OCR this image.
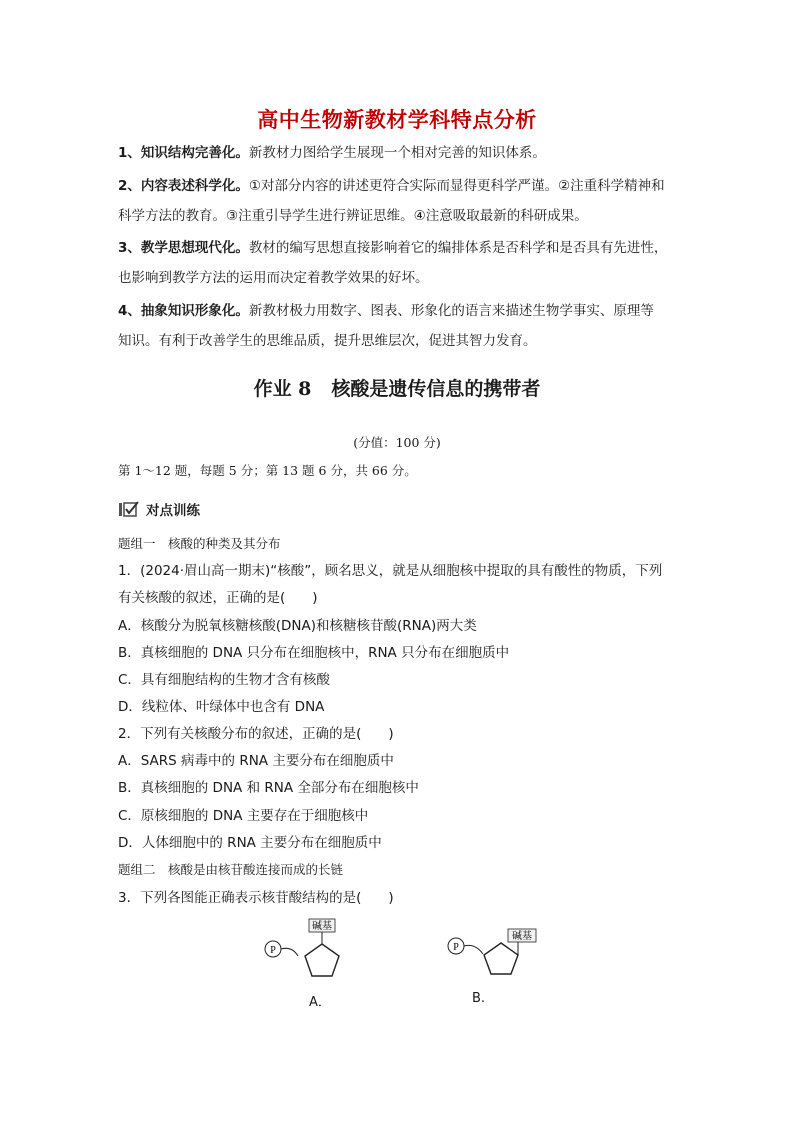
高中生物新教材学科特点分析
1、知识结构完善化。新教材力图给学生展现一个相对完善的知识体系。
2、内容表述科学化。①对部分内容的讲述更符合实际而显得更科学严谨。②注重科学精神和
科学方法的教育。③注重引导学生进行辨证思维。④注意吸取最新的科研成果。
3、教学思想现代化。教材的编写思想直接影响着它的编排体系是否科学和是否具有先进性，
也影响到教学方法的运用而决定着教学效果的好坏。
4、抽象知识形象化。新教材极力用数字、图表、形象化的语言来描述生物学事实、原理等
知识。有利于改善学生的思维品质，提升思维层次，促进其智力发育。
作业 8 核酸是遗传信息的携带者
(分值：100 分)
第 1～12 题，每题 5 分；第 13 题 6 分，共 66 分。
对点训练
题组一　核酸的种类及其分布
1．(2024·眉山高一期末)“核酸”，顾名思义，就是从细胞核中提取的具有酸性的物质，下列
有关核酸的叙述，正确的是(　　)
A．核酸分为脱氧核糖核酸(DNA)和核糖核苷酸(RNA)两大类
B．真核细胞的 DNA 只分布在细胞核中，RNA 只分布在细胞质中
C．具有细胞结构的生物才含有核酸
D．线粒体、叶绿体中也含有 DNA
2．下列有关核酸分布的叙述，正确的是(　　)
A．SARS 病毒中的 RNA 主要分布在细胞质中
B．真核细胞的 DNA 和 RNA 全部分布在细胞核中
C．原核细胞的 DNA 主要存在于细胞核中
D．人体细胞中的 RNA 主要分布在细胞质中
题组二　核酸是由核苷酸连接而成的长链
3．下列各图能正确表示核苷酸结构的是(　　)
P
碱基
P
碱基
A．	B.
